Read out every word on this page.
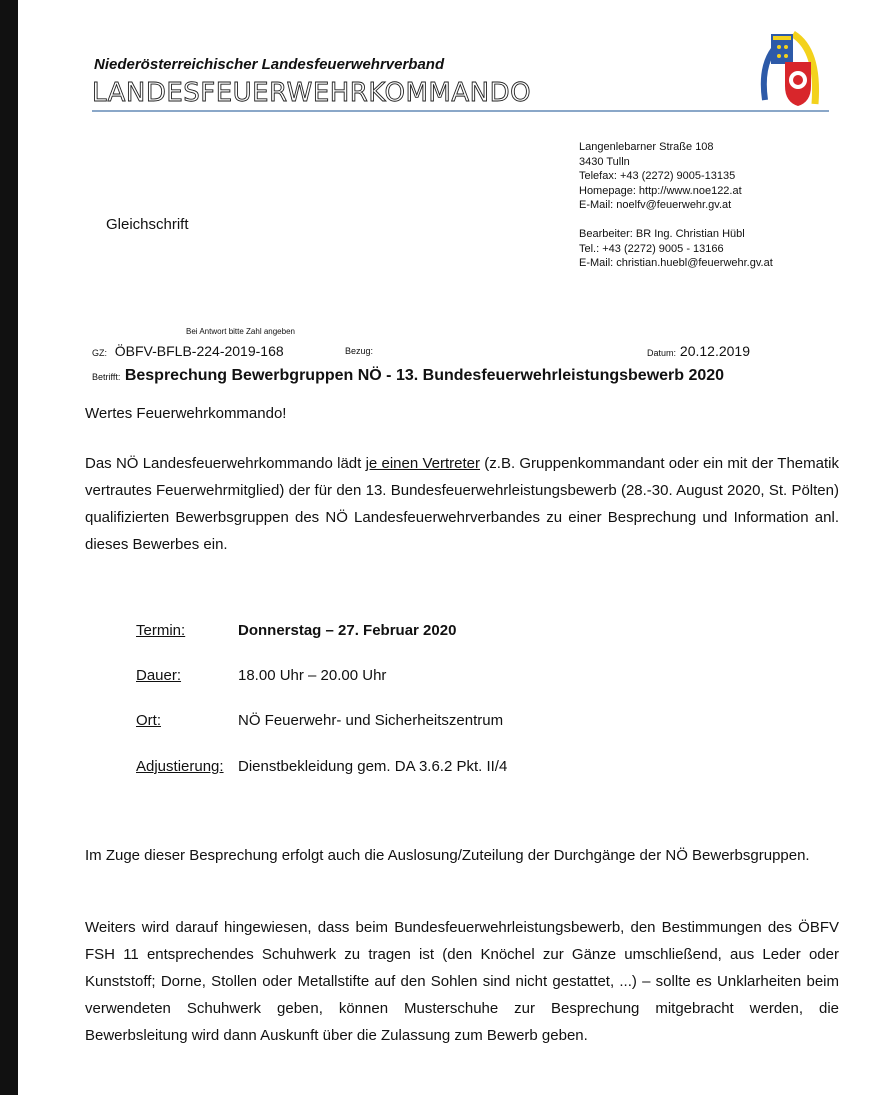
Niederösterreichischer Landesfeuerwehrverband
LANDESFEUERWEHRKOMMANDO
Langenlebarner Straße 108
3430 Tulln
Telefax: +43 (2272) 9005-13135
Homepage: http://www.noe122.at
E-Mail: noelfv@feuerwehr.gv.at
Gleichschrift
Bearbeiter: BR Ing. Christian Hübl
Tel.: +43 (2272) 9005 - 13166
E-Mail: christian.huebl@feuerwehr.gv.at
Bei Antwort bitte Zahl angeben
GZ: ÖBFV-BFLB-224-2019-168	Bezug:	Datum: 20.12.2019
Betrifft: Besprechung Bewerbgruppen NÖ - 13. Bundesfeuerwehrleistungsbewerb 2020
Wertes Feuerwehrkommando!
Das NÖ Landesfeuerwehrkommando lädt je einen Vertreter (z.B. Gruppenkommandant oder ein mit der Thematik vertrautes Feuerwehrmitglied) der für den 13. Bundesfeuerwehrleistungsbewerb (28.-30. August 2020, St. Pölten) qualifizierten Bewerbsgruppen des NÖ Landesfeuerwehrverbandes zu einer Besprechung und Information anl. dieses Bewerbes ein.
Termin:	Donnerstag – 27. Februar 2020
Dauer:	18.00 Uhr – 20.00 Uhr
Ort:	NÖ Feuerwehr- und Sicherheitszentrum
Adjustierung: Dienstbekleidung gem. DA 3.6.2 Pkt. II/4
Im Zuge dieser Besprechung erfolgt auch die Auslosung/Zuteilung der Durchgänge der NÖ Bewerbsgruppen.
Weiters wird darauf hingewiesen, dass beim Bundesfeuerwehrleistungsbewerb, den Bestimmungen des ÖBFV FSH 11 entsprechendes Schuhwerk zu tragen ist (den Knöchel zur Gänze umschließend, aus Leder oder Kunststoff; Dorne, Stollen oder Metallstifte auf den Sohlen sind nicht gestattet, ...) – sollte es Unklarheiten beim verwendeten Schuhwerk geben, können Musterschuhe zur Besprechung mitgebracht werden, die Bewerbsleitung wird dann Auskunft über die Zulassung zum Bewerb geben.
